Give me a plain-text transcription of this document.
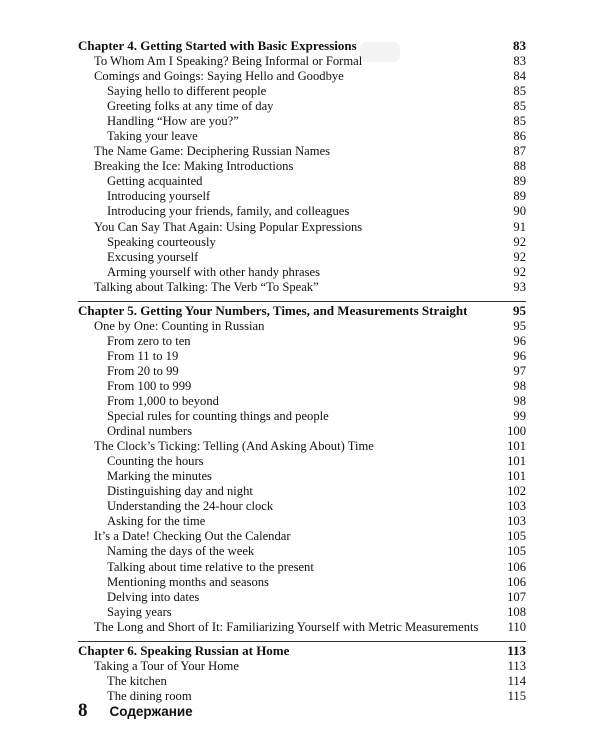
Chapter 4. Getting Started with Basic Expressions	83
To Whom Am I Speaking? Being Informal or Formal	83
Comings and Goings: Saying Hello and Goodbye	84
Saying hello to different people	85
Greeting folks at any time of day	85
Handling “How are you?”	85
Taking your leave	86
The Name Game: Deciphering Russian Names	87
Breaking the Ice: Making Introductions	88
Getting acquainted	89
Introducing yourself	89
Introducing your friends, family, and colleagues	90
You Can Say That Again: Using Popular Expressions	91
Speaking courteously	92
Excusing yourself	92
Arming yourself with other handy phrases	92
Talking about Talking: The Verb “To Speak”	93
Chapter 5. Getting Your Numbers, Times, and Measurements Straight	95
One by One: Counting in Russian	95
From zero to ten	96
From 11 to 19	96
From 20 to 99	97
From 100 to 999	98
From 1,000 to beyond	98
Special rules for counting things and people	99
Ordinal numbers	100
The Clock’s Ticking: Telling (And Asking About) Time	101
Counting the hours	101
Marking the minutes	101
Distinguishing day and night	102
Understanding the 24-hour clock	103
Asking for the time	103
It’s a Date! Checking Out the Calendar	105
Naming the days of the week	105
Talking about time relative to the present	106
Mentioning months and seasons	106
Delving into dates	107
Saying years	108
The Long and Short of It: Familiarizing Yourself with Metric Measurements	110
Chapter 6. Speaking Russian at Home	113
Taking a Tour of Your Home	113
The kitchen	114
The dining room	115
8 Содержание
